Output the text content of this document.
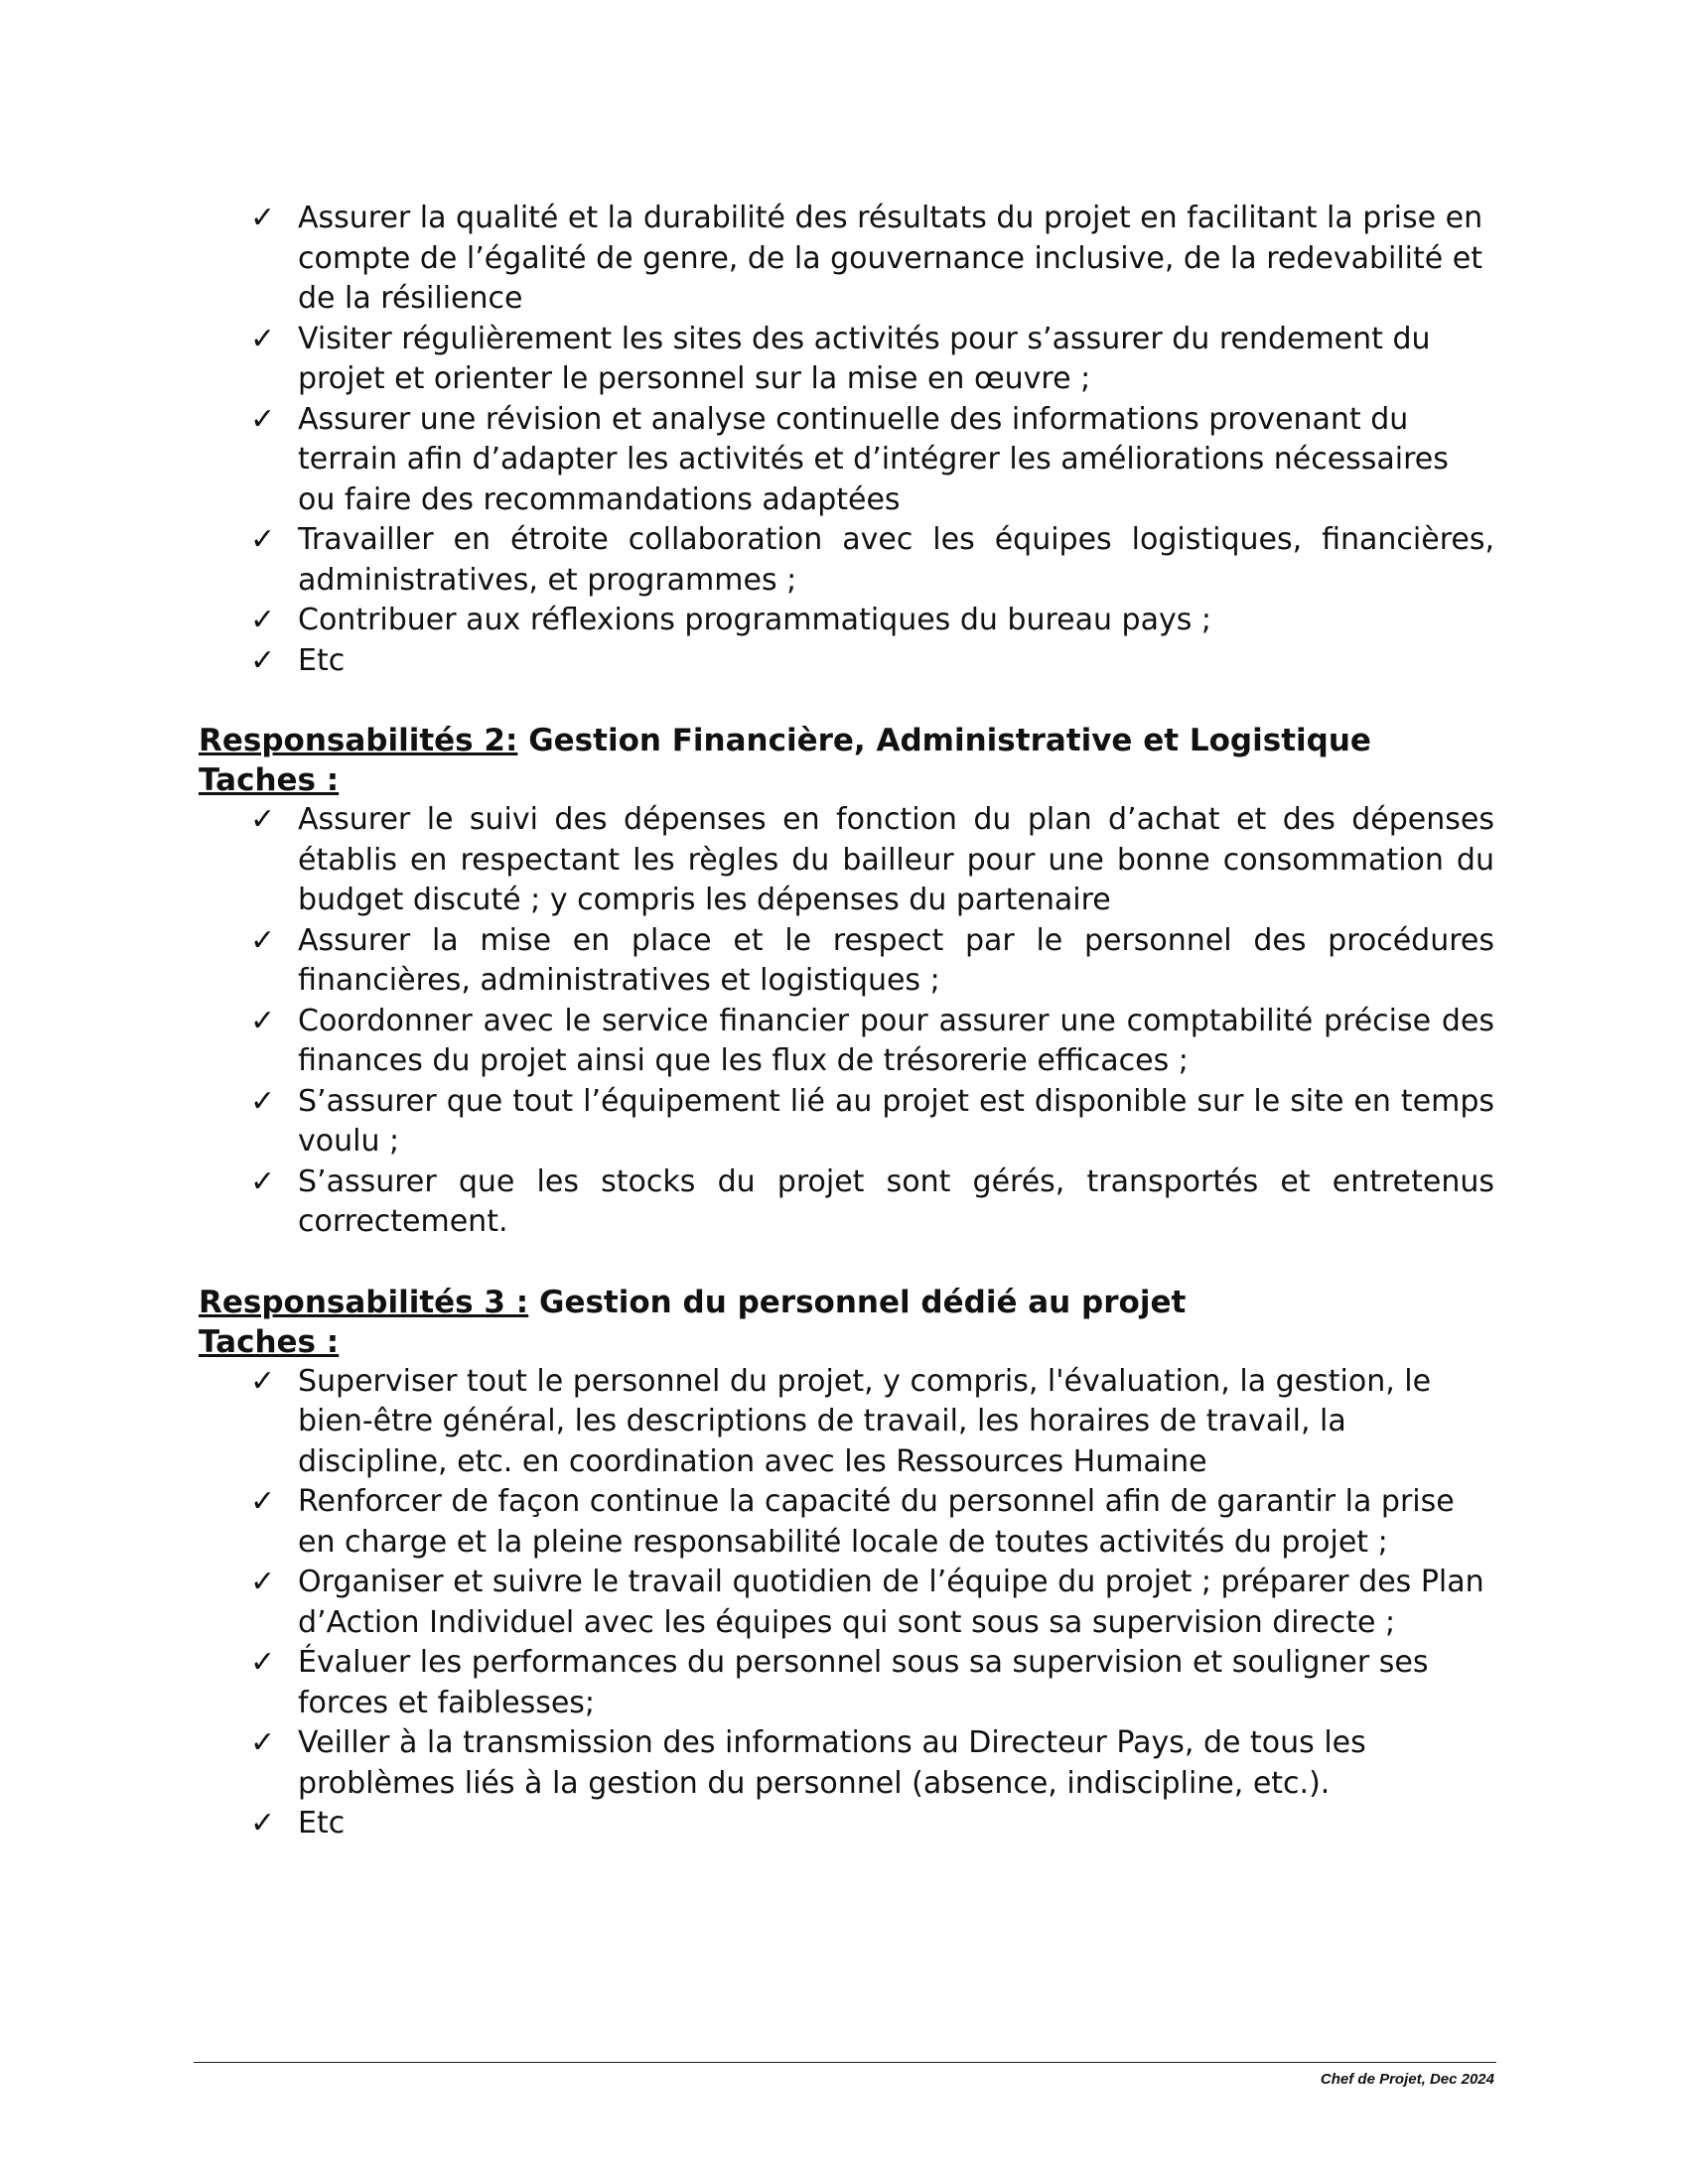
✓ Assurer la qualité et la durabilité des résultats du projet en facilitant la prise en compte de l’égalité de genre, de la gouvernance inclusive, de la redevabilité et de la résilience
✓ Visiter régulièrement les sites des activités pour s’assurer du rendement du projet et orienter le personnel sur la mise en œuvre ;
✓ Assurer une révision et analyse continuelle des informations provenant du terrain afin d’adapter les activités et d’intégrer les améliorations nécessaires ou faire des recommandations adaptées
✓ Travailler en étroite collaboration avec les équipes logistiques, financières, administratives, et programmes ;
✓ Contribuer aux réflexions programmatiques du bureau pays ;
✓ Etc
Responsabilités 2: Gestion Financière, Administrative et Logistique
Taches :
✓ Assurer le suivi des dépenses en fonction du plan d’achat et des dépenses établis en respectant les règles du bailleur pour une bonne consommation du budget discuté ; y compris les dépenses du partenaire
✓ Assurer la mise en place et le respect par le personnel des procédures financières, administratives et logistiques ;
✓ Coordonner avec le service financier pour assurer une comptabilité précise des finances du projet ainsi que les flux de trésorerie efficaces ;
✓ S’assurer que tout l’équipement lié au projet est disponible sur le site en temps voulu ;
✓ S’assurer que les stocks du projet sont gérés, transportés et entretenus correctement.
Responsabilités 3 : Gestion du personnel dédié au projet
Taches :
✓ Superviser tout le personnel du projet, y compris, l'évaluation, la gestion, le bien-être général, les descriptions de travail, les horaires de travail, la discipline, etc. en coordination avec les Ressources Humaine
✓ Renforcer de façon continue la capacité du personnel afin de garantir la prise en charge et la pleine responsabilité locale de toutes activités du projet ;
✓ Organiser et suivre le travail quotidien de l’équipe du projet ; préparer des Plan d’Action Individuel avec les équipes qui sont sous sa supervision directe ;
✓ Évaluer les performances du personnel sous sa supervision et souligner ses forces et faiblesses;
✓ Veiller à la transmission des informations au Directeur Pays, de tous les problèmes liés à la gestion du personnel (absence, indiscipline, etc.).
✓ Etc
Chef de Projet, Dec 2024
